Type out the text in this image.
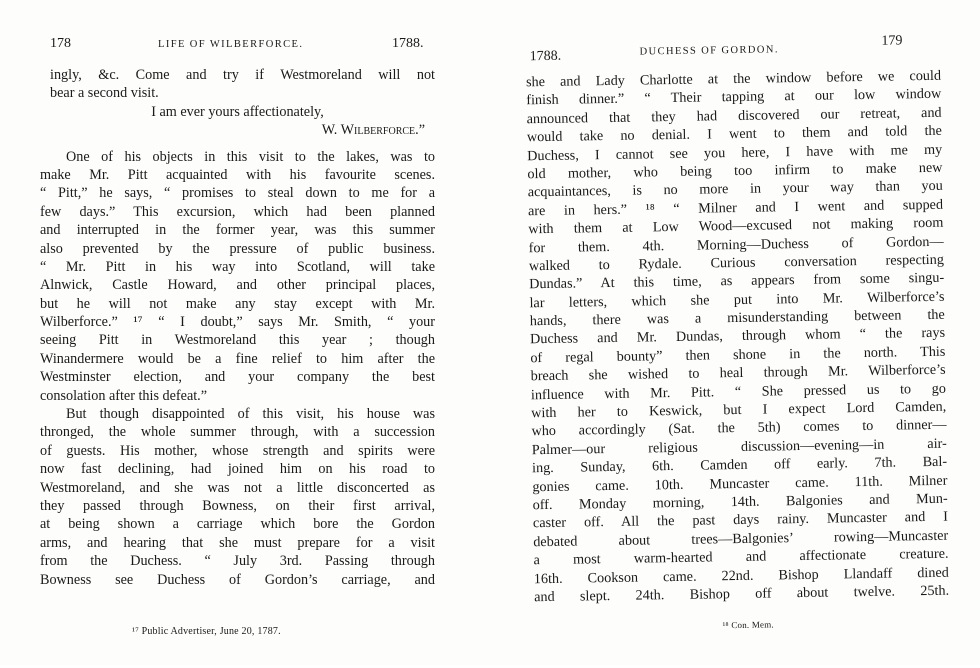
178	LIFE OF WILBERFORCE.	1788.
ingly, &c. Come and try if Westmoreland will not
bear a second visit.
I am ever yours affectionately,
W. Wilberforce.”
One of his objects in this visit to the lakes, was to
make Mr. Pitt acquainted with his favourite scenes.
“ Pitt,” he says, “ promises to steal down to me for a
few days.” This excursion, which had been planned
and interrupted in the former year, was this summer
also prevented by the pressure of public business.
“ Mr. Pitt in his way into Scotland, will take
Alnwick, Castle Howard, and other principal places,
but he will not make any stay except with Mr.
Wilberforce.” ¹⁷ “ I doubt,” says Mr. Smith, “ your
seeing Pitt in Westmoreland this year ; though
Winandermere would be a fine relief to him after the
Westminster election, and your company the best
consolation after this defeat.”
But though disappointed of this visit, his house was
thronged, the whole summer through, with a succession
of guests. His mother, whose strength and spirits were
now fast declining, had joined him on his road to
Westmoreland, and she was not a little disconcerted as
they passed through Bowness, on their first arrival,
at being shown a carriage which bore the Gordon
arms, and hearing that she must prepare for a visit
from the Duchess. “ July 3rd. Passing through
Bowness see Duchess of Gordon’s carriage, and
¹⁷ Public Advertiser, June 20, 1787.
1788.	DUCHESS OF GORDON.
179
she and Lady Charlotte at the window before we could
finish dinner.” “ Their tapping at our low window
announced that they had discovered our retreat, and
would take no denial. I went to them and told the
Duchess, I cannot see you here, I have with me my
old mother, who being too infirm to make new
acquaintances, is no more in your way than you
are in hers.” ¹⁸ “ Milner and I went and supped
with them at Low Wood—excused not making room
for them. 4th. Morning—Duchess of Gordon—
walked to Rydale. Curious conversation respecting
Dundas.” At this time, as appears from some singu-
lar letters, which she put into Mr. Wilberforce’s
hands, there was a misunderstanding between the
Duchess and Mr. Dundas, through whom “ the rays
of regal bounty” then shone in the north. This
breach she wished to heal through Mr. Wilberforce’s
influence with Mr. Pitt. “ She pressed us to go
with her to Keswick, but I expect Lord Camden,
who accordingly (Sat. the 5th) comes to dinner—
Palmer—our religious discussion—evening—in air-
ing. Sunday, 6th. Camden off early. 7th. Bal-
gonies came. 10th. Muncaster came. 11th. Milner
off. Monday morning, 14th. Balgonies and Mun-
caster off. All the past days rainy. Muncaster and I
debated about trees—Balgonies’ rowing—Muncaster
a most warm-hearted and affectionate creature.
16th. Cookson came. 22nd. Bishop Llandaff dined
and slept. 24th. Bishop off about twelve. 25th.
¹⁸ Con. Mem.
